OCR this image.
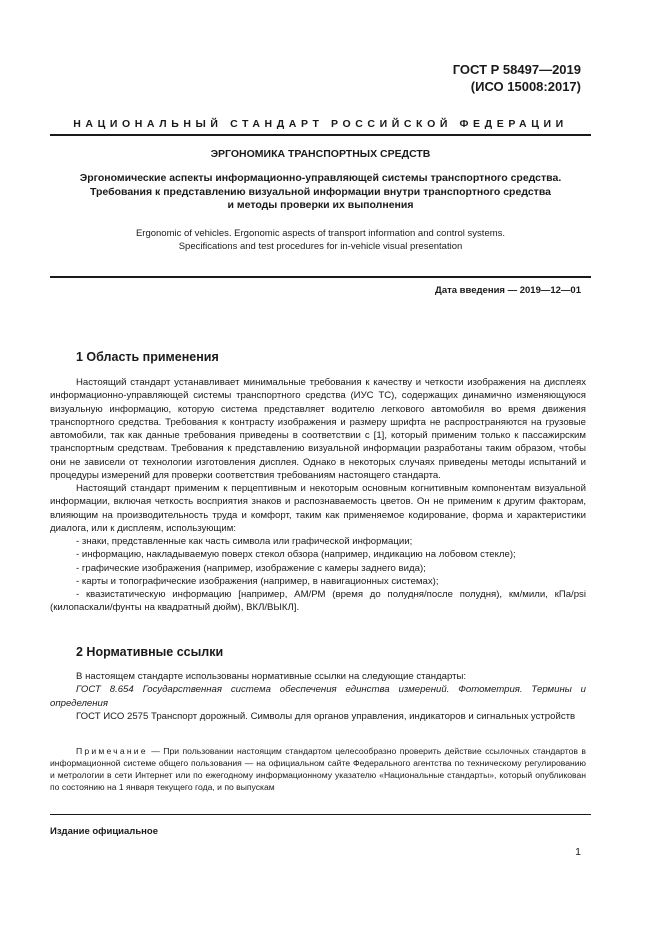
ГОСТ Р 58497—2019
(ИСО 15008:2017)
НАЦИОНАЛЬНЫЙ СТАНДАРТ РОССИЙСКОЙ ФЕДЕРАЦИИ
ЭРГОНОМИКА ТРАНСПОРТНЫХ СРЕДСТВ
Эргономические аспекты информационно-управляющей системы транспортного средства.
Требования к представлению визуальной информации внутри транспортного средства
и методы проверки их выполнения
Ergonomic of vehicles. Ergonomic aspects of transport information and control systems.
Specifications and test procedures for in-vehicle visual presentation
Дата введения — 2019—12—01
1 Область применения

Настоящий стандарт устанавливает минимальные требования к качеству и четкости изображения на дисплеях информационно-управляющей системы транспортного средства (ИУС ТС), содержащих динамично изменяющуюся визуальную информацию, которую система представляет водителю легкового автомобиля во время движения транспортного средства. Требования к контрасту изображения и размеру шрифта не распространяются на грузовые автомобили, так как данные требования приведены в соответствии с [1], который применим только к пассажирским транспортным средствам. Требования к представлению визуальной информации разработаны таким образом, чтобы они не зависели от технологии изготовления дисплея. Однако в некоторых случаях приведены методы испытаний и процедуры измерений для проверки соответствия требованиям настоящего стандарта.

Настоящий стандарт применим к перцептивным и некоторым основным когнитивным компонентам визуальной информации, включая четкость восприятия знаков и распознаваемость цветов. Он не применим к другим факторам, влияющим на производительность труда и комфорт, таким как применяемое кодирование, форма и характеристики диалога, или к дисплеям, использующим:

- знаки, представленные как часть символа или графической информации;

- информацию, накладываемую поверх стекол обзора (например, индикацию на лобовом стекле);

- графические изображения (например, изображение с камеры заднего вида);

- карты и топографические изображения (например, в навигационных системах);

- квазистатическую информацию [например, АМ/РМ (время до полудня/после полудня), км/мили, кПа/psi (килопаскали/фунты на квадратный дюйм), ВКЛ/ВЫКЛ].

2 Нормативные ссылки

В настоящем стандарте использованы нормативные ссылки на следующие стандарты:

ГОСТ 8.654 Государственная система обеспечения единства измерений. Фотометрия. Термины и определения

ГОСТ ИСО 2575 Транспорт дорожный. Символы для органов управления, индикаторов и сигнальных устройств

Примечание — При пользовании настоящим стандартом целесообразно проверить действие ссылочных стандартов в информационной системе общего пользования — на официальном сайте Федерального агентства по техническому регулированию и метрологии в сети Интернет или по ежегодному информационному указателю «Национальные стандарты», который опубликован по состоянию на 1 января текущего года, и по выпускам
Издание официальное
1
